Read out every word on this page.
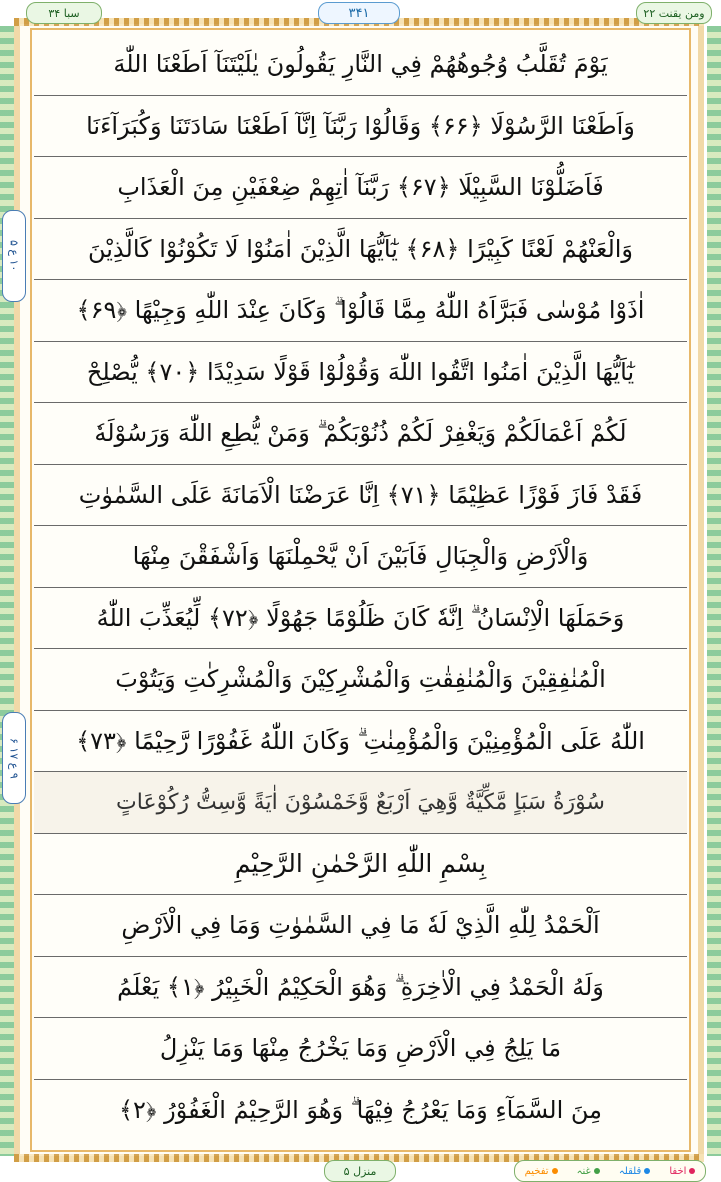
سبا ۳۴	۳۴۱	ومن یقنت ۲۲
۱۰ ع ۵
۹ ع ۱۷ ۶
یَوْمَ تُقَلَّبُ وُجُوهُهُمْ فِي النَّارِ يَقُولُونَ يٰلَيْتَنَآ اَطَعْنَا اللّٰهَ
وَاَطَعْنَا الرَّسُوْلَا ﴿۶۶﴾ وَقَالُوْا رَبَّنَآ اِنَّآ اَطَعْنَا سَادَتَنَا وَكُبَرَآءَنَا
فَاَضَلُّوْنَا السَّبِيْلَا ﴿۶۷﴾ رَبَّنَآ اٰتِهِمْ ضِعْفَيْنِ مِنَ الْعَذَابِ
وَالْعَنْهُمْ لَعْنًا كَبِيْرًا ﴿۶۸﴾ يٰٓاَيُّهَا الَّذِيْنَ اٰمَنُوْا لَا تَكُوْنُوْا كَالَّذِيْنَ
اٰذَوْا مُوْسٰى فَبَرَّاَهُ اللّٰهُ مِمَّا قَالُوْا ۗ وَكَانَ عِنْدَ اللّٰهِ وَجِيْهًا ﴿۶۹﴾
يٰٓاَيُّهَا الَّذِيْنَ اٰمَنُوا اتَّقُوا اللّٰهَ وَقُوْلُوْا قَوْلًا سَدِيْدًا ﴿۷۰﴾ يُّصْلِحْ
لَكُمْ اَعْمَالَكُمْ وَيَغْفِرْ لَكُمْ ذُنُوْبَكُمْ ۗ وَمَنْ يُّطِعِ اللّٰهَ وَرَسُوْلَهٗ
فَقَدْ فَازَ فَوْزًا عَظِيْمًا ﴿۷۱﴾ اِنَّا عَرَضْنَا الْاَمَانَةَ عَلَى السَّمٰوٰتِ
وَالْاَرْضِ وَالْجِبَالِ فَاَبَيْنَ اَنْ يَّحْمِلْنَهَا وَاَشْفَقْنَ مِنْهَا
وَحَمَلَهَا الْاِنْسَانُ ۗ اِنَّهٗ كَانَ ظَلُوْمًا جَهُوْلًا ﴿۷۲﴾ لِّيُعَذِّبَ اللّٰهُ
الْمُنٰفِقِيْنَ وَالْمُنٰفِقٰتِ وَالْمُشْرِكِيْنَ وَالْمُشْرِكٰتِ وَيَتُوْبَ
اللّٰهُ عَلَى الْمُؤْمِنِيْنَ وَالْمُؤْمِنٰتِ ۗ وَكَانَ اللّٰهُ غَفُوْرًا رَّحِيْمًا ﴿۷۳﴾
سُوْرَةُ سَبَاٍ مَّكِّيَّةٌ وَّهِيَ اَرْبَعٌ وَّخَمْسُوْنَ اٰيَةً وَّسِتُّ رُكُوْعَاتٍ
بِسْمِ اللّٰهِ الرَّحْمٰنِ الرَّحِيْمِ
اَلْحَمْدُ لِلّٰهِ الَّذِيْ لَهٗ مَا فِي السَّمٰوٰتِ وَمَا فِي الْاَرْضِ
وَلَهُ الْحَمْدُ فِي الْاٰخِرَةِ ۗ وَهُوَ الْحَكِيْمُ الْخَبِيْرُ ﴿۱﴾ يَعْلَمُ
مَا يَلِجُ فِي الْاَرْضِ وَمَا يَخْرُجُ مِنْهَا وَمَا يَنْزِلُ
مِنَ السَّمَآءِ وَمَا يَعْرُجُ فِيْهَا ۗ وَهُوَ الرَّحِيْمُ الْغَفُوْرُ ﴿۲﴾
منزل ۵	اخفا
قلقلہ
غنہ
تفخیم
